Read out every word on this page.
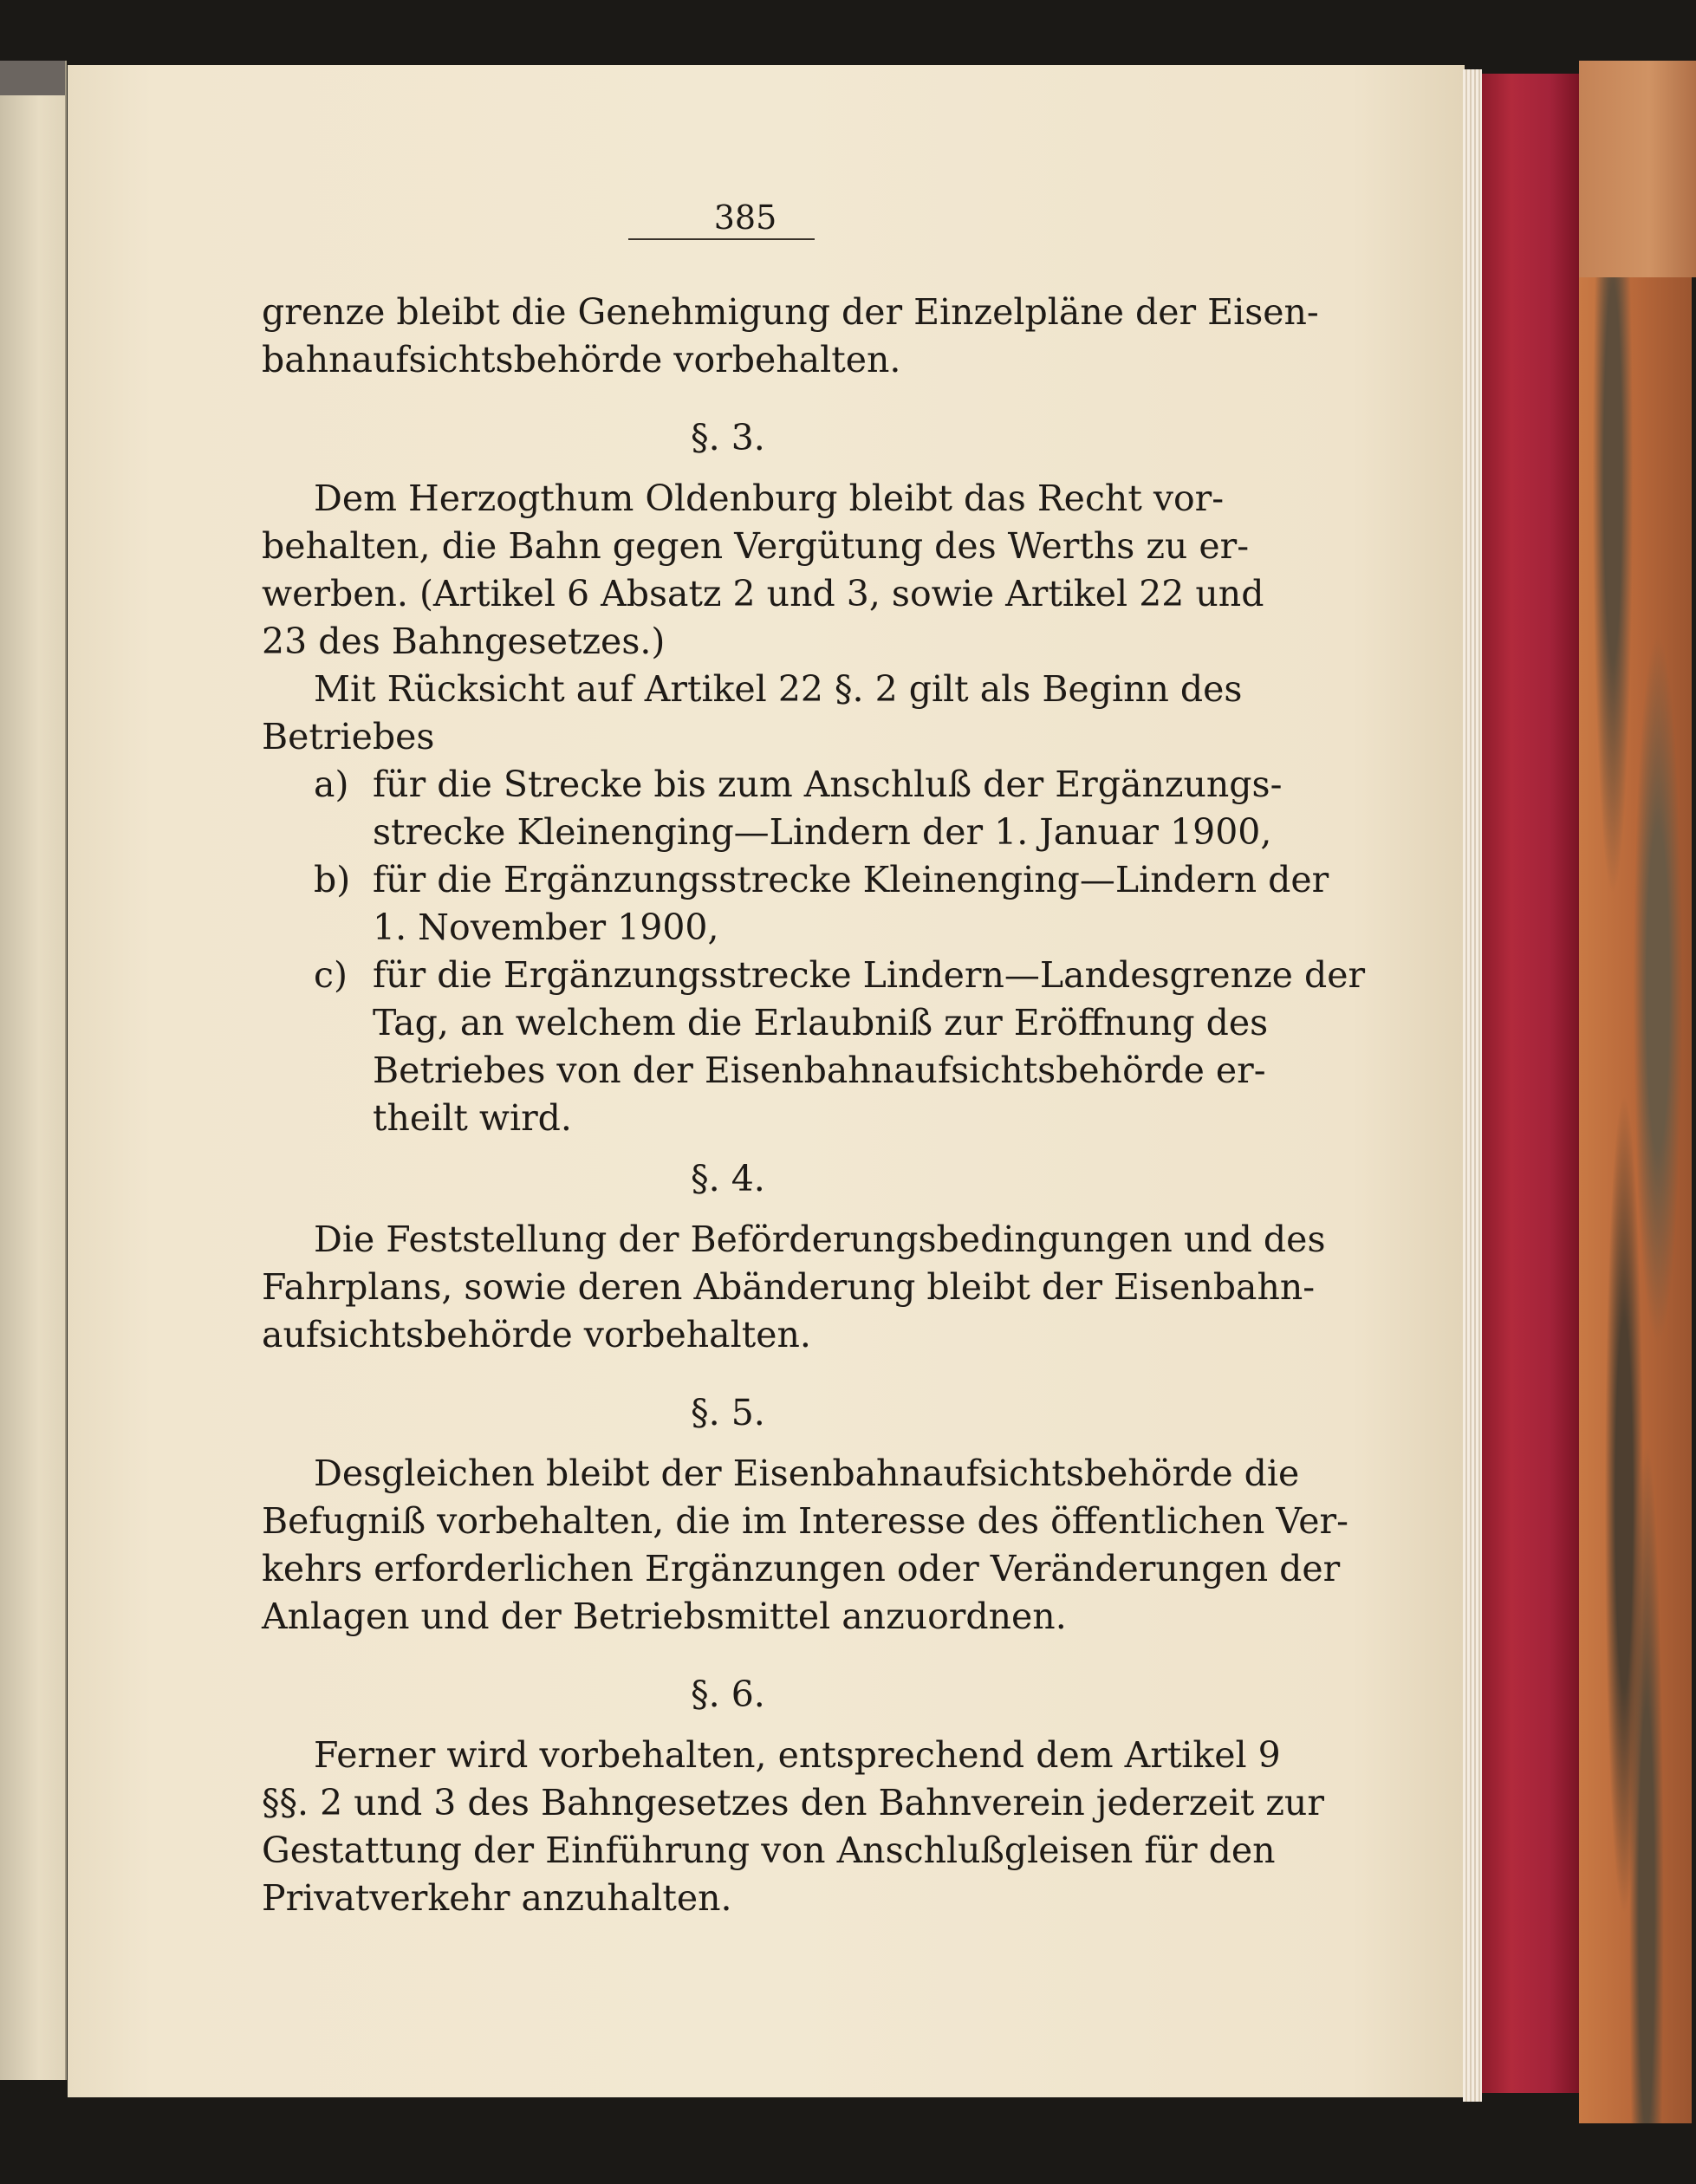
385
grenze bleibt die Genehmigung der Einzelpläne der Eisen-
bahnaufsichtsbehörde vorbehalten.
§. 3.
Dem Herzogthum Oldenburg bleibt das Recht vor-
behalten, die Bahn gegen Vergütung des Werths zu er-
werben. (Artikel 6 Absatz 2 und 3, sowie Artikel 22 und
23 des Bahngesetzes.)
Mit Rücksicht auf Artikel 22 §. 2 gilt als Beginn des
Betriebes
a) für die Strecke bis zum Anschluß der Ergänzungs-
strecke Kleinenging—Lindern der 1. Januar 1900,
b) für die Ergänzungsstrecke Kleinenging—Lindern der
1. November 1900,
c) für die Ergänzungsstrecke Lindern—Landesgrenze der
Tag, an welchem die Erlaubniß zur Eröffnung des
Betriebes von der Eisenbahnaufsichtsbehörde er-
theilt wird.
§. 4.
Die Feststellung der Beförderungsbedingungen und des
Fahrplans, sowie deren Abänderung bleibt der Eisenbahn-
aufsichtsbehörde vorbehalten.
§. 5.
Desgleichen bleibt der Eisenbahnaufsichtsbehörde die
Befugniß vorbehalten, die im Interesse des öffentlichen Ver-
kehrs erforderlichen Ergänzungen oder Veränderungen der
Anlagen und der Betriebsmittel anzuordnen.
§. 6.
Ferner wird vorbehalten, entsprechend dem Artikel 9
§§. 2 und 3 des Bahngesetzes den Bahnverein jederzeit zur
Gestattung der Einführung von Anschlußgleisen für den
Privatverkehr anzuhalten.
